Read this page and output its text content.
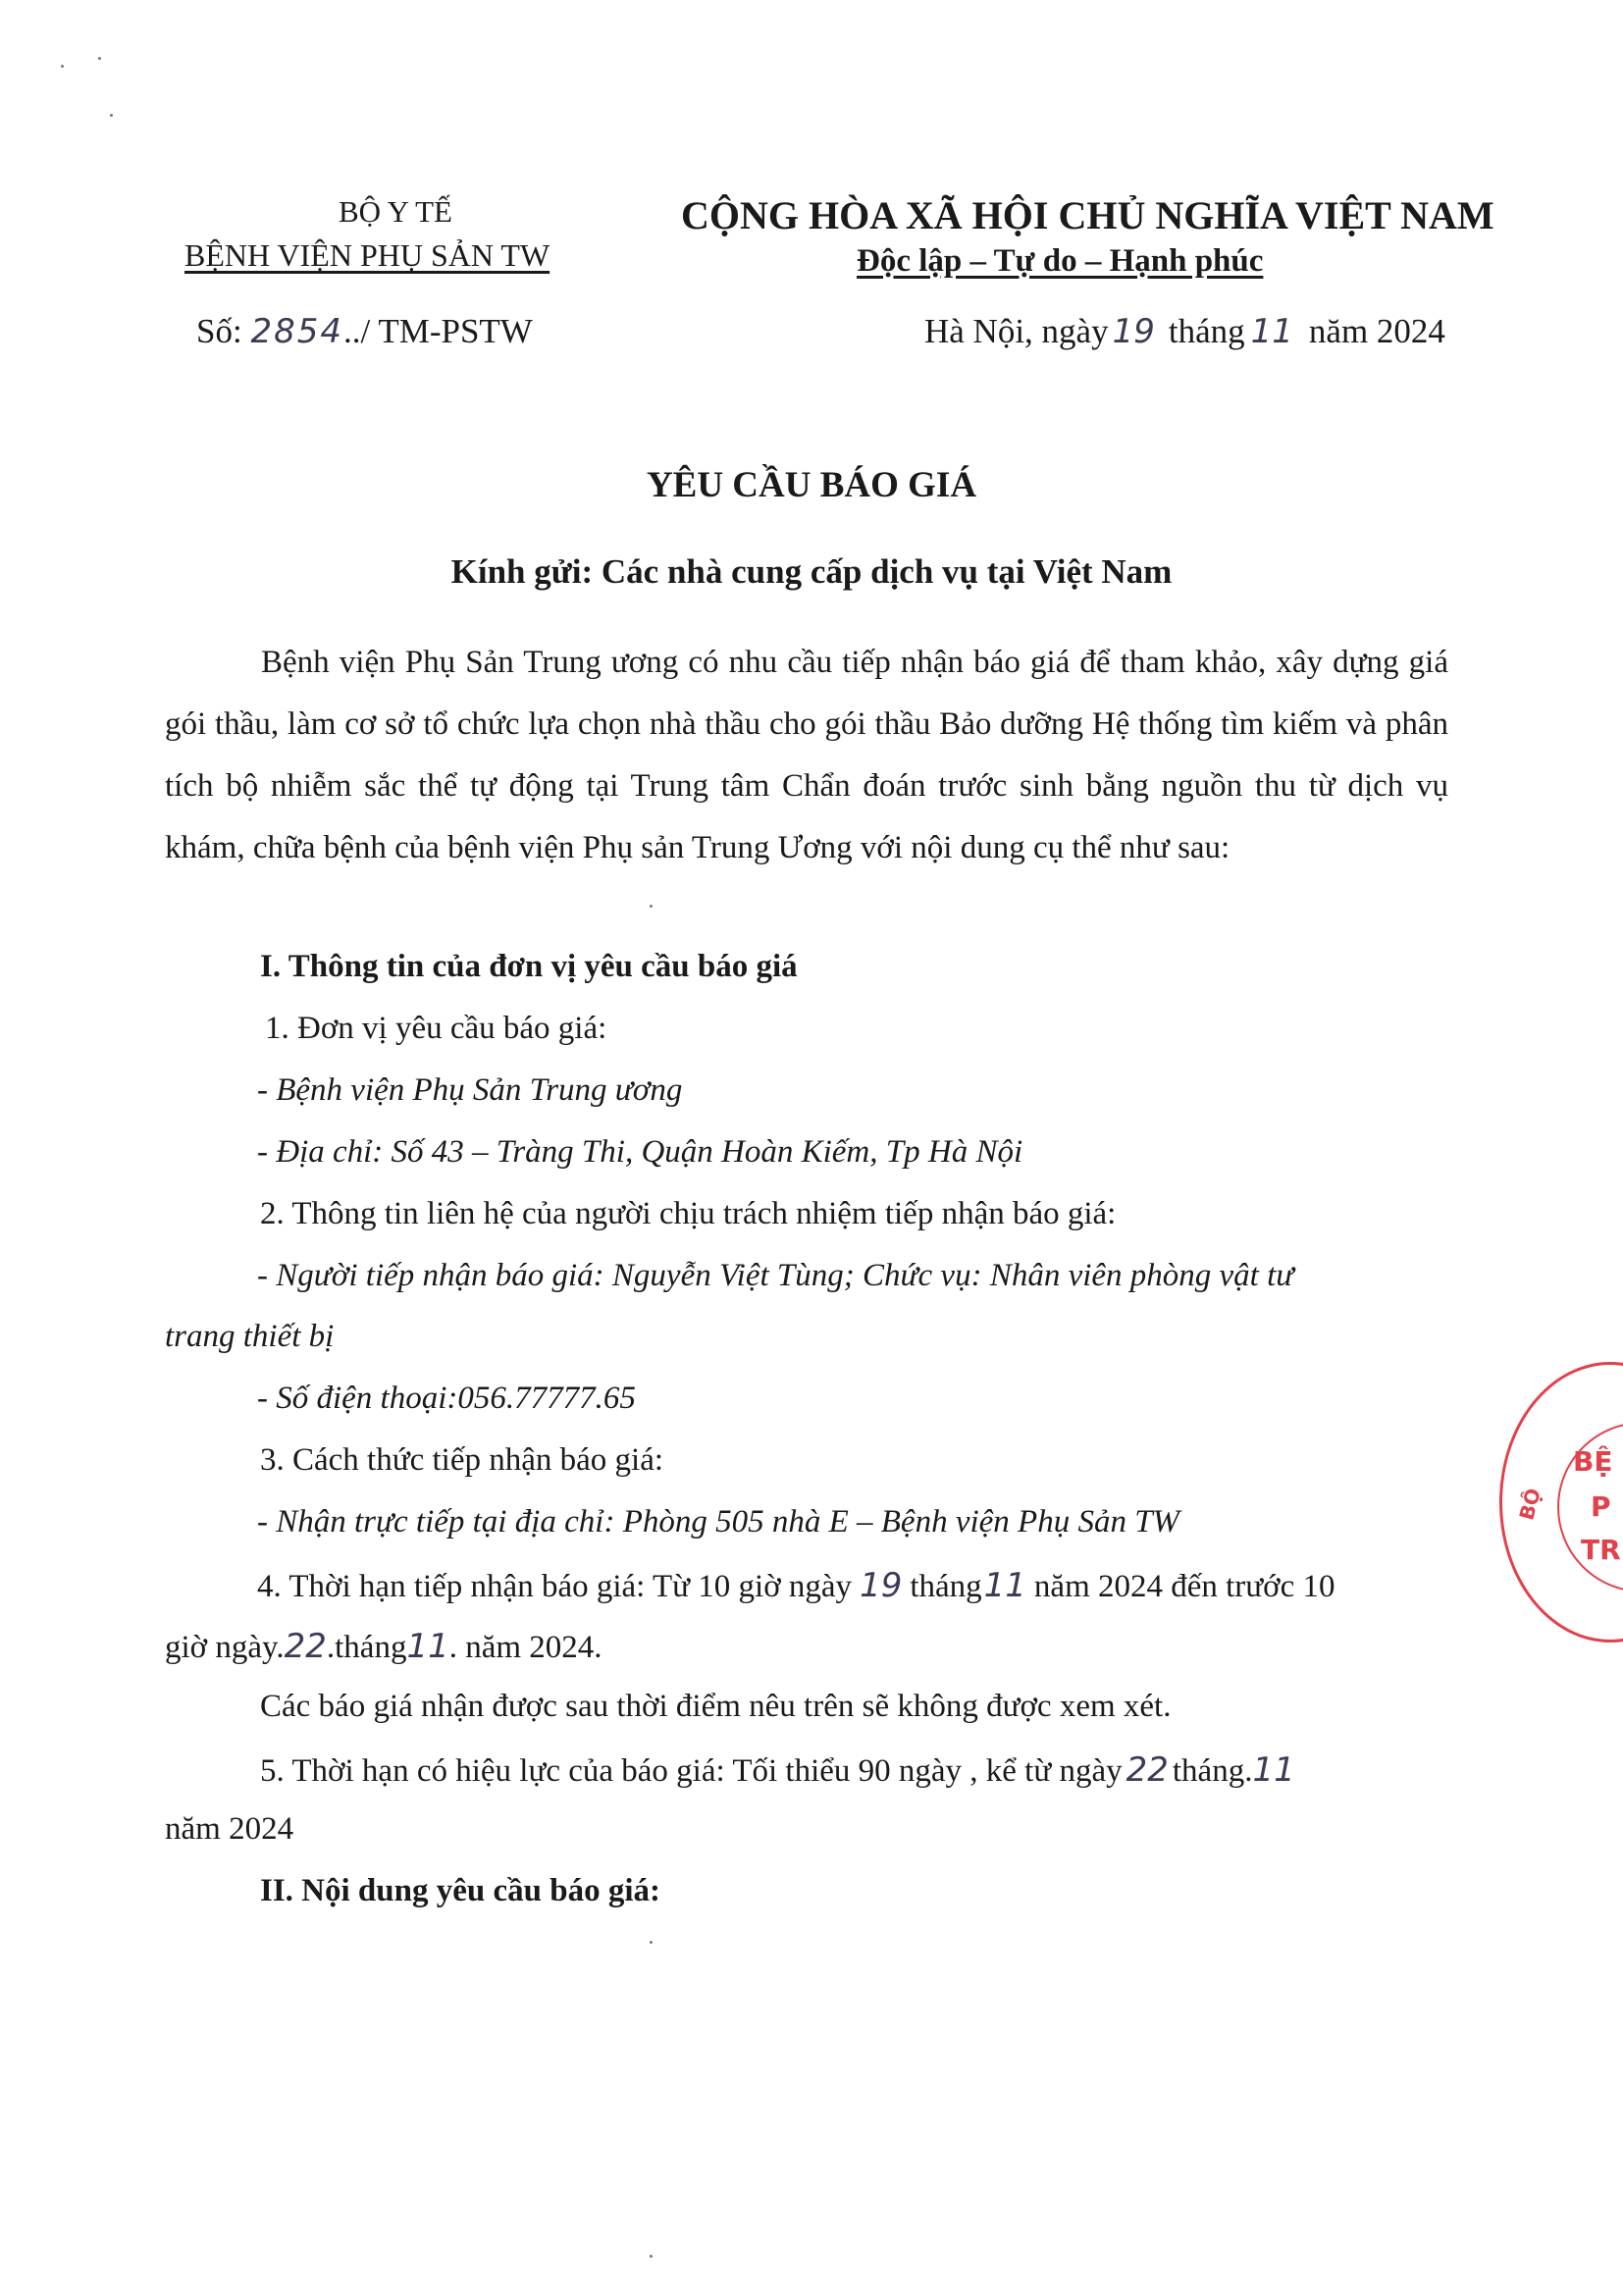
BỘ Y TẾ
BỆNH VIỆN PHỤ SẢN TW
CỘNG HÒA XÃ HỘI CHỦ NGHĨA VIỆT NAM
Độc lập – Tự do – Hạnh phúc
Số: 2854../ TM-PSTW	Hà Nội, ngày 19 tháng 11 năm 2024
YÊU CẦU BÁO GIÁ
Kính gửi: Các nhà cung cấp dịch vụ tại Việt Nam

Bệnh viện Phụ Sản Trung ương có nhu cầu tiếp nhận báo giá để tham khảo, xây dựng giá gói thầu, làm cơ sở tổ chức lựa chọn nhà thầu cho gói thầu Bảo dưỡng Hệ thống tìm kiếm và phân tích bộ nhiễm sắc thể tự động tại Trung tâm Chẩn đoán trước sinh bằng nguồn thu từ dịch vụ khám, chữa bệnh của bệnh viện Phụ sản Trung Ương với nội dung cụ thể như sau:

I. Thông tin của đơn vị yêu cầu báo giá
1. Đơn vị yêu cầu báo giá:
- Bệnh viện Phụ Sản Trung ương
- Địa chỉ: Số 43 – Tràng Thi, Quận Hoàn Kiếm, Tp Hà Nội
2. Thông tin liên hệ của người chịu trách nhiệm tiếp nhận báo giá:
- Người tiếp nhận báo giá: Nguyễn Việt Tùng; Chức vụ: Nhân viên phòng vật tư
trang thiết bị
- Số điện thoại:056.77777.65
3. Cách thức tiếp nhận báo giá:
- Nhận trực tiếp tại địa chỉ: Phòng 505 nhà E – Bệnh viện Phụ Sản TW
4. Thời hạn tiếp nhận báo giá: Từ 10 giờ ngày 19 tháng11 năm 2024 đến trước 10
giờ ngày.22.tháng11. năm 2024.
Các báo giá nhận được sau thời điểm nêu trên sẽ không được xem xét.
5. Thời hạn có hiệu lực của báo giá: Tối thiểu 90 ngày , kể từ ngày 22 tháng.11
năm 2024
II. Nội dung yêu cầu báo giá:
BỆ
P
TR
BỘ
